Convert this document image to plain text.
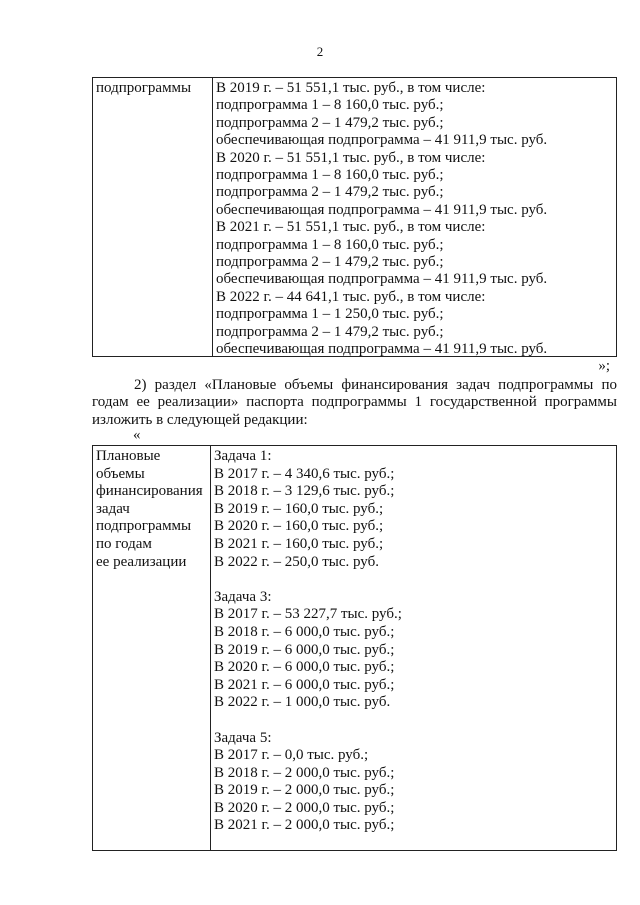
2
подпрограммы	В 2019 г. – 51 551,1 тыс. руб., в том числе:
подпрограмма 1 – 8 160,0 тыс. руб.;
подпрограмма 2 – 1 479,2 тыс. руб.;
обеспечивающая подпрограмма – 41 911,9 тыс. руб.
В 2020 г. – 51 551,1 тыс. руб., в том числе:
подпрограмма 1 – 8 160,0 тыс. руб.;
подпрограмма 2 – 1 479,2 тыс. руб.;
обеспечивающая подпрограмма – 41 911,9 тыс. руб.
В 2021 г. – 51 551,1 тыс. руб., в том числе:
подпрограмма 1 – 8 160,0 тыс. руб.;
подпрограмма 2 – 1 479,2 тыс. руб.;
обеспечивающая подпрограмма – 41 911,9 тыс. руб.
В 2022 г. – 44 641,1 тыс. руб., в том числе:
подпрограмма 1 – 1 250,0 тыс. руб.;
подпрограмма 2 – 1 479,2 тыс. руб.;
обеспечивающая подпрограмма – 41 911,9 тыс. руб.
»;
2) раздел «Плановые объемы финансирования задач подпрограммы по годам ее реализации» паспорта подпрограммы 1 государственной программы изложить в следующей редакции:
«
Плановые
объемы
финансирования
задач
подпрограммы
по годам
ее реализации
Задача 1:
В 2017 г. – 4 340,6 тыс. руб.;
В 2018 г. – 3 129,6 тыс. руб.;
В 2019 г. – 160,0 тыс. руб.;
В 2020 г. – 160,0 тыс. руб.;
В 2021 г. – 160,0 тыс. руб.;
В 2022 г. – 250,0 тыс. руб.
Задача 3:
В 2017 г. – 53 227,7 тыс. руб.;
В 2018 г. – 6 000,0 тыс. руб.;
В 2019 г. – 6 000,0 тыс. руб.;
В 2020 г. – 6 000,0 тыс. руб.;
В 2021 г. – 6 000,0 тыс. руб.;
В 2022 г. – 1 000,0 тыс. руб.
Задача 5:
В 2017 г. – 0,0 тыс. руб.;
В 2018 г. – 2 000,0 тыс. руб.;
В 2019 г. – 2 000,0 тыс. руб.;
В 2020 г. – 2 000,0 тыс. руб.;
В 2021 г. – 2 000,0 тыс. руб.;
